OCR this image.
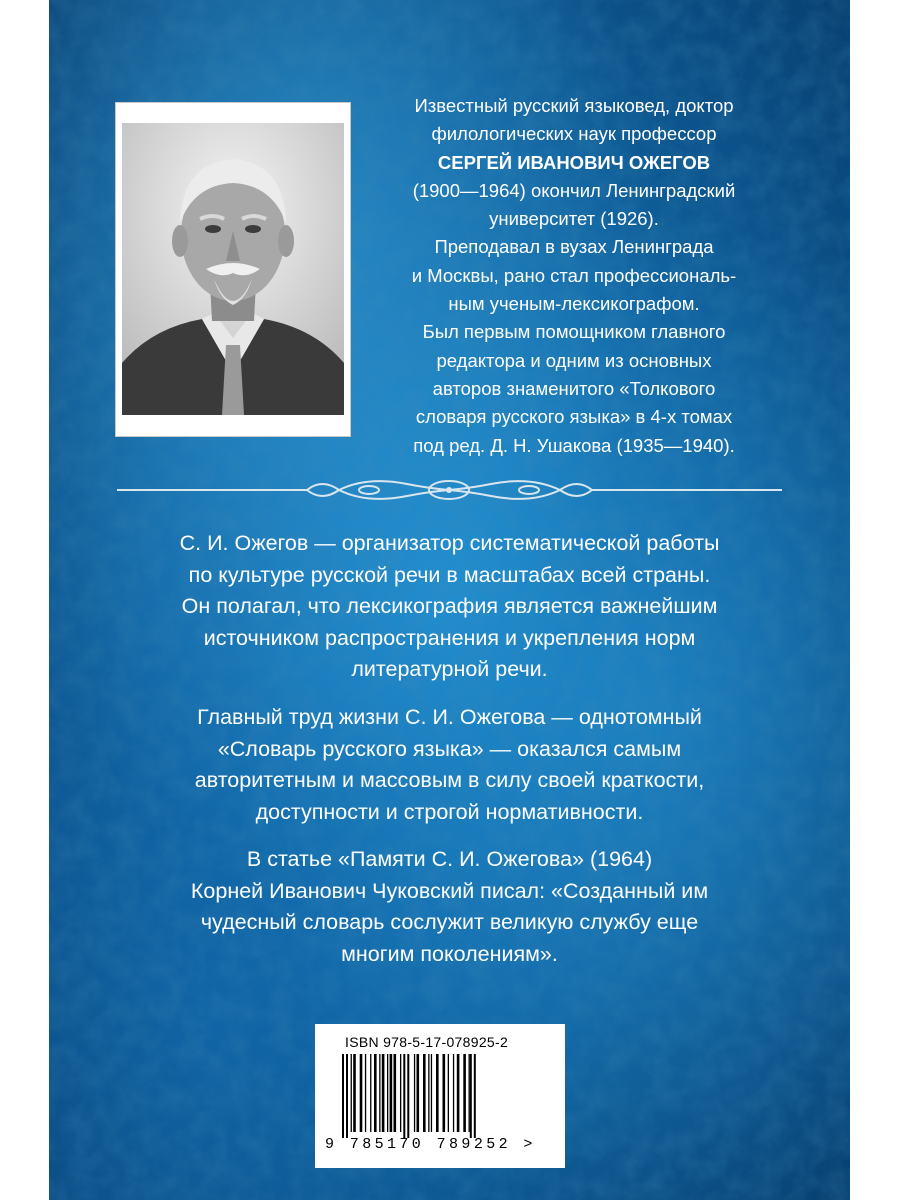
Известный русский языковед, доктор

филологических наук профессор

СЕРГЕЙ ИВАНОВИЧ ОЖЕГОВ

(1900—1964) окончил Ленинградский

университет (1926).

Преподавал в вузах Ленинграда

и Москвы, рано стал профессиональ-

ным ученым-лексикографом.

Был первым помощником главного

редактора и одним из основных

авторов знаменитого «Толкового

словаря русского языка» в 4-х томах

под ред. Д. Н. Ушакова (1935—1940).

С. И. Ожегов — организатор систематической работы
по культуре русской речи в масштабах всей страны.
Он полагал, что лексикография является важнейшим
источником распространения и укрепления норм
литературной речи.
Главный труд жизни С. И. Ожегова — однотомный
«Словарь русского языка» — оказался самым
авторитетным и массовым в силу своей краткости,
доступности и строгой нормативности.
В статье «Памяти С. И. Ожегова» (1964)
Корней Иванович Чуковский писал: «Созданный им
чудесный словарь сослужит великую службу еще
многим поколениям».
ISBN 978-5-17-078925-2
9 785170 789252 >
